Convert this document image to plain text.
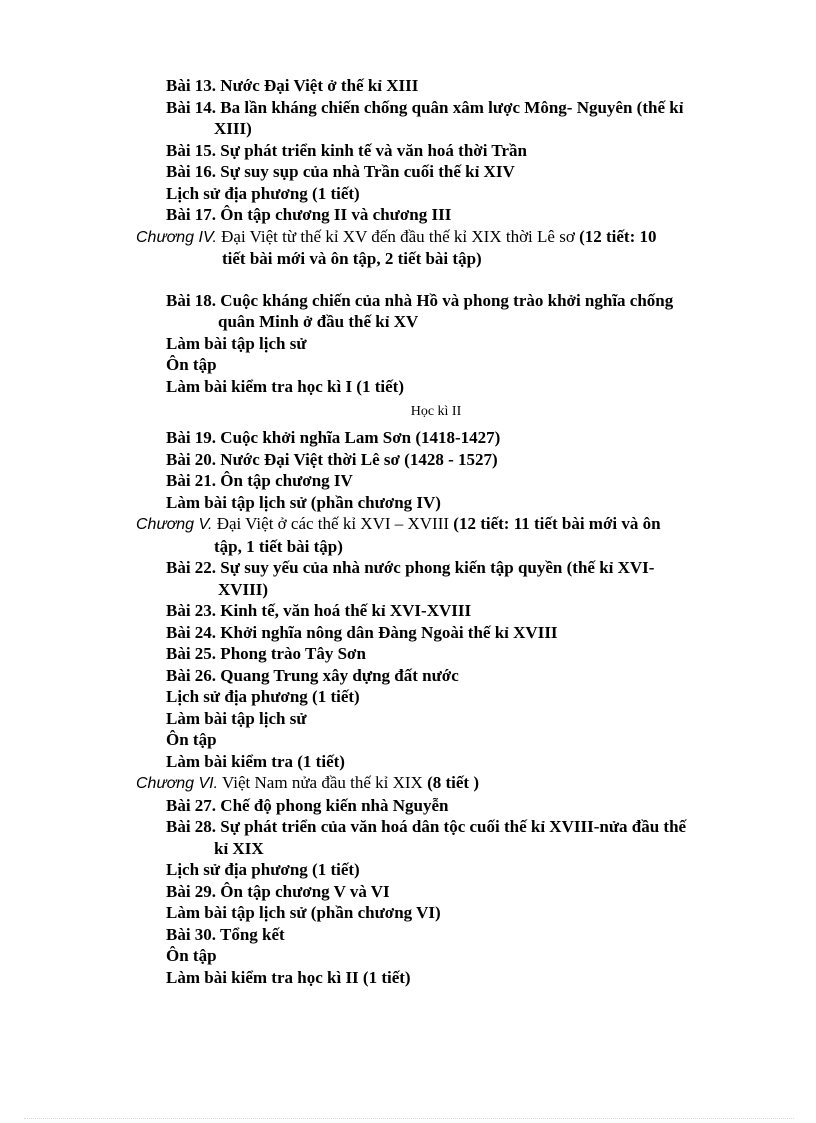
Bài 13. Nước Đại Việt ở thế kỉ XIII
Bài 14. Ba lần kháng chiến chống quân xâm lược Mông- Nguyên (thế kỉ
XIII)
Bài 15. Sự phát triển kinh tế và văn hoá thời Trần
Bài 16. Sự suy sụp của nhà Trần cuối thế kỉ XIV
Lịch sử địa phương (1 tiết)
Bài 17. Ôn tập chương II và chương III
Chương IV. Đại Việt từ thế kỉ XV đến đầu thế kỉ XIX thời Lê sơ (12 tiết: 10
tiết bài mới và ôn tập, 2 tiết bài tập)
Bài 18. Cuộc kháng chiến của nhà Hồ và phong trào khởi nghĩa chống
quân Minh ở đầu thế kỉ XV
Làm bài tập lịch sử
Ôn tập
Làm bài kiểm tra học kì I (1 tiết)
Học kì II
Bài 19. Cuộc khởi nghĩa Lam Sơn (1418-1427)
Bài 20. Nước Đại Việt thời Lê sơ (1428 - 1527)
Bài 21. Ôn tập chương IV
Làm bài tập lịch sử (phần chương IV)
Chương V. Đại Việt ở các thế kỉ XVI – XVIII (12 tiết: 11 tiết bài mới và ôn
tập, 1 tiết bài tập)
Bài 22. Sự suy yếu của nhà nước phong kiến tập quyền (thế kỉ XVI-
XVIII)
Bài 23. Kinh tế, văn hoá thế kỉ XVI-XVIII
Bài 24. Khởi nghĩa nông dân Đàng Ngoài thế kỉ XVIII
Bài 25. Phong trào Tây Sơn
Bài 26. Quang Trung xây dựng đất nước
Lịch sử địa phương (1 tiết)
Làm bài tập lịch sử
Ôn tập
Làm bài kiểm tra (1 tiết)
Chương VI. Việt Nam nửa đầu thế kỉ XIX (8 tiết )
Bài 27. Chế độ phong kiến nhà Nguyễn
Bài 28. Sự phát triển của văn hoá dân tộc cuối thế kỉ XVIII-nửa đầu thế
kỉ XIX
Lịch sử địa phương (1 tiết)
Bài 29. Ôn tập chương V và VI
Làm bài tập lịch sử (phần chương VI)
Bài 30. Tổng kết
Ôn tập
Làm bài kiểm tra học kì II (1 tiết)
